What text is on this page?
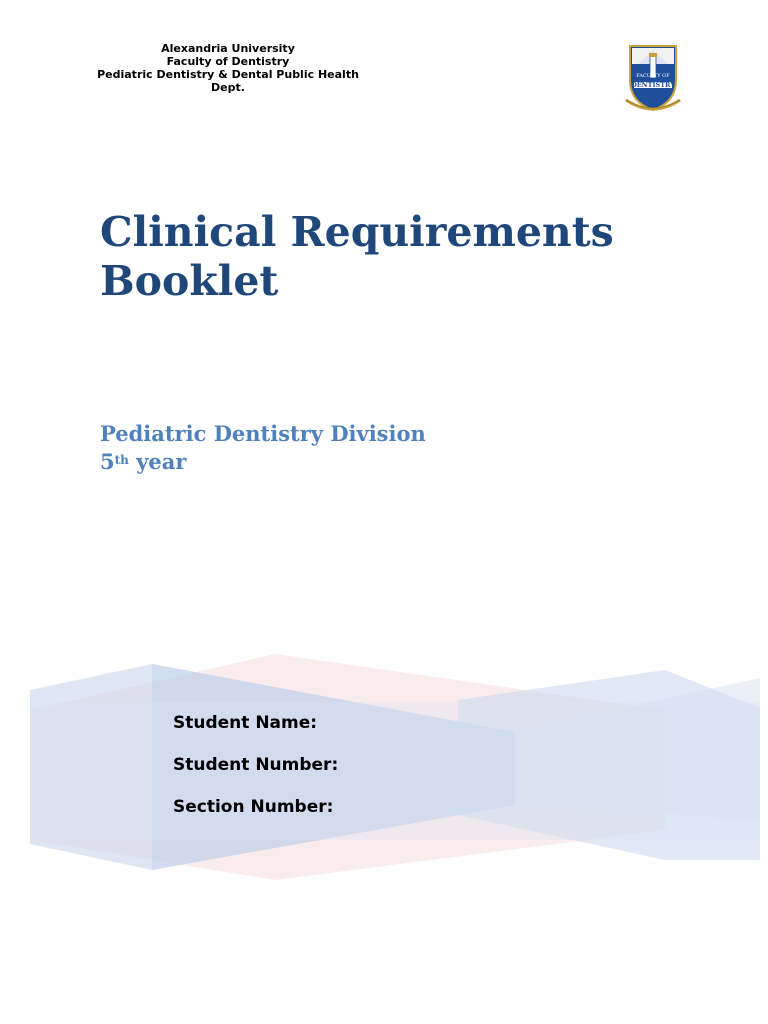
Alexandria University
Faculty of Dentistry
Pediatric Dentistry & Dental Public Health
Dept.
FACULTY OF
DENTISTRY
Clinical Requirements
Booklet
Pediatric Dentistry Division
5th year
Student Name:
Student Number:
Section Number:
